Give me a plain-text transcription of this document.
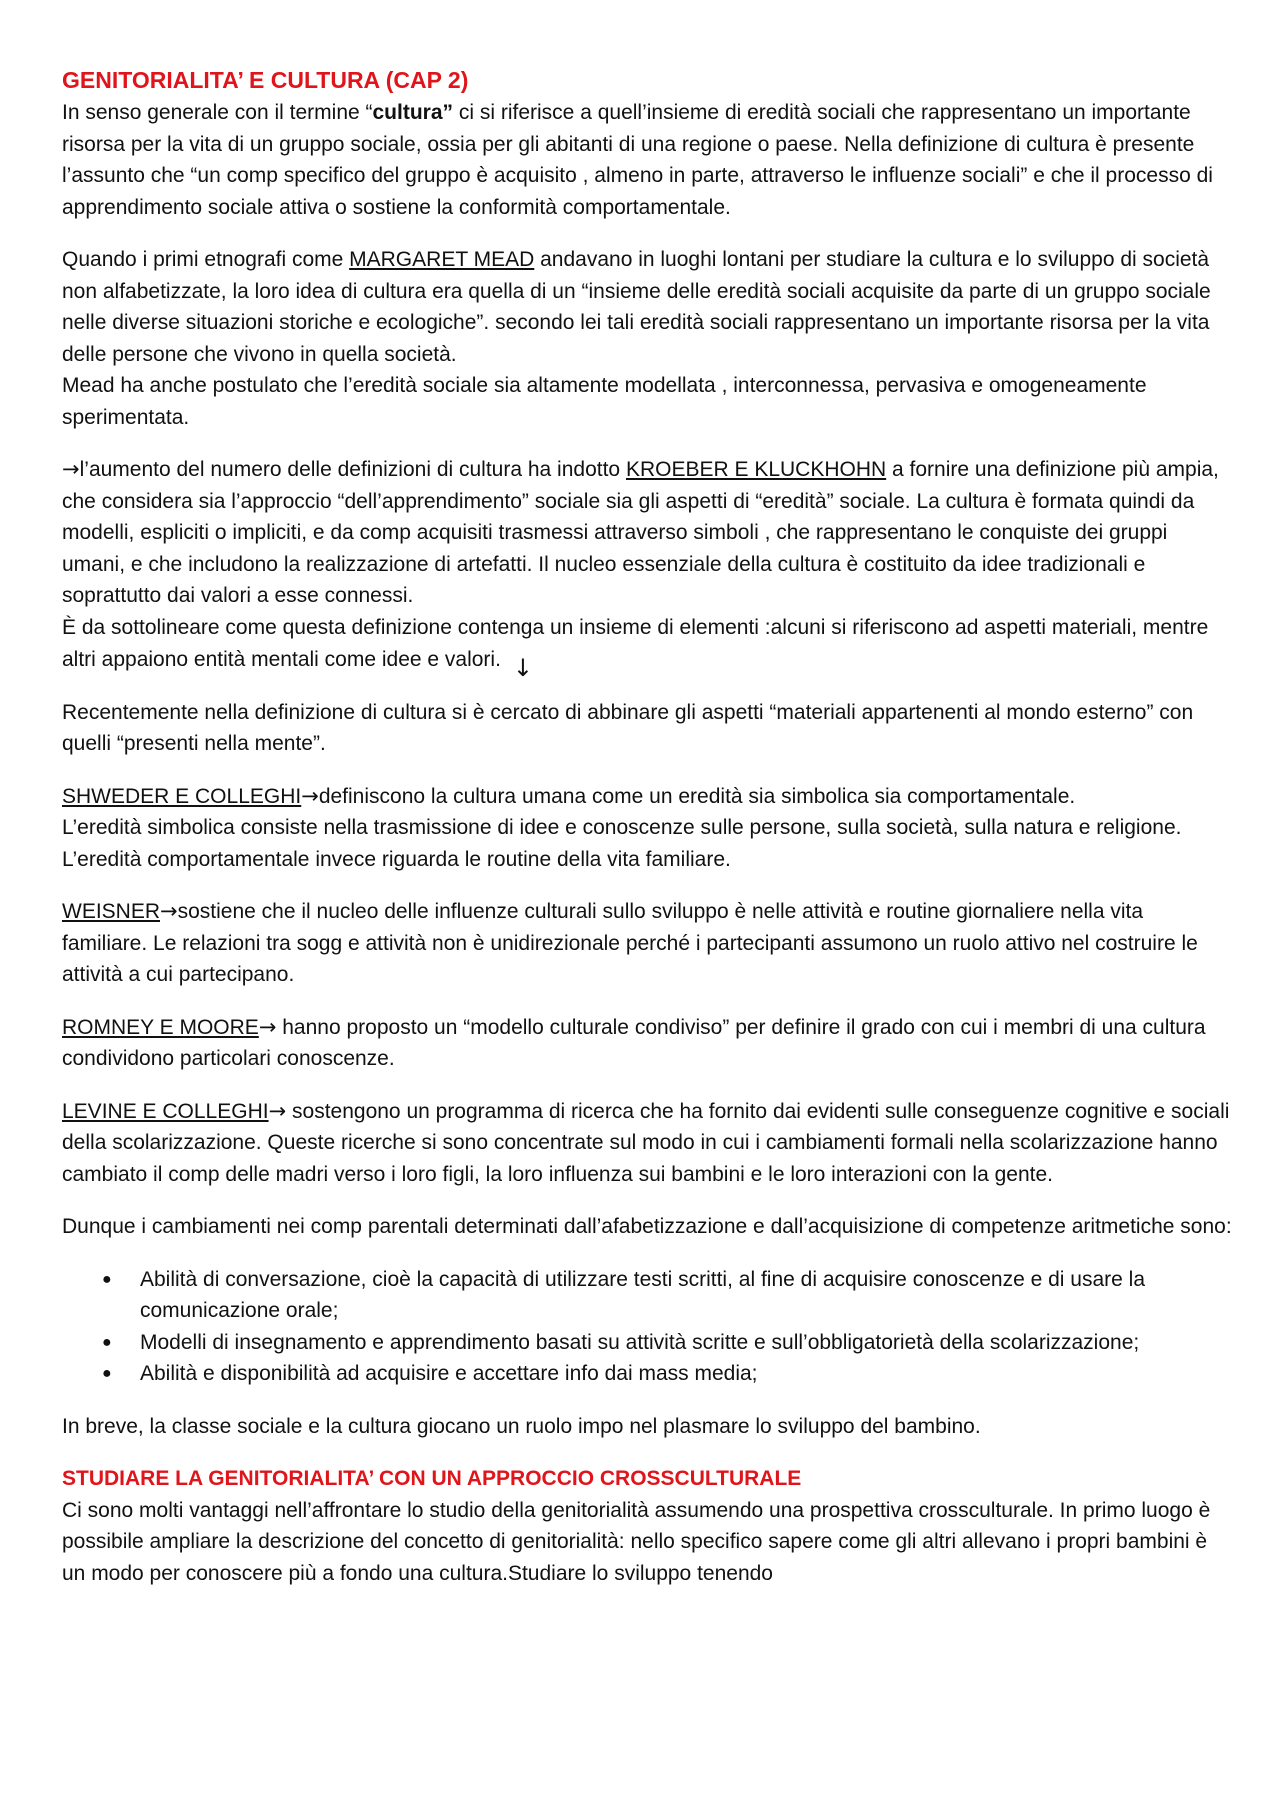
GENITORIALITA’ E CULTURA (CAP 2)

In senso generale con il termine “cultura” ci si riferisce a quell’insieme di eredità sociali che rappresentano un importante risorsa per la vita di un gruppo sociale, ossia per gli abitanti di una regione o paese. Nella definizione di cultura è presente l’assunto che “un comp specifico del gruppo è acquisito , almeno in parte, attraverso le influenze sociali” e che il processo di apprendimento sociale attiva o sostiene la conformità comportamentale.

Quando i primi etnografi come MARGARET MEAD andavano in luoghi lontani per studiare la cultura e lo sviluppo di società non alfabetizzate, la loro idea di cultura era quella di un “insieme delle eredità sociali acquisite da parte di un gruppo sociale nelle diverse situazioni storiche e ecologiche”. secondo lei tali eredità sociali rappresentano un importante risorsa per la vita delle persone che vivono in quella società.
Mead ha anche postulato che l’eredità sociale sia altamente modellata , interconnessa, pervasiva e omogeneamente sperimentata.

→l’aumento del numero delle definizioni di cultura ha indotto KROEBER E KLUCKHOHN a fornire una definizione più ampia, che considera sia l’approccio “dell’apprendimento” sociale sia gli aspetti di “eredità” sociale. La cultura è formata quindi da modelli, espliciti o impliciti, e da comp acquisiti trasmessi attraverso simboli , che rappresentano le conquiste dei gruppi umani, e che includono la realizzazione di artefatti. Il nucleo essenziale della cultura è costituito da idee tradizionali e soprattutto dai valori a esse connessi.
È da sottolineare come questa definizione contenga un insieme di elementi :alcuni si riferiscono ad aspetti materiali, mentre altri appaiono entità mentali come idee e valori. ↓

Recentemente nella definizione di cultura si è cercato di abbinare gli aspetti “materiali appartenenti al mondo esterno” con quelli “presenti nella mente”.

SHWEDER E COLLEGHI→definiscono la cultura umana come un eredità sia simbolica sia comportamentale.
L’eredità simbolica consiste nella trasmissione di idee e conoscenze sulle persone, sulla società, sulla natura e religione. L’eredità comportamentale invece riguarda le routine della vita familiare.

WEISNER→sostiene che il nucleo delle influenze culturali sullo sviluppo è nelle attività e routine giornaliere nella vita familiare. Le relazioni tra sogg e attività non è unidirezionale perché i partecipanti assumono un ruolo attivo nel costruire le attività a cui partecipano.

ROMNEY E MOORE→ hanno proposto un “modello culturale condiviso” per definire il grado con cui i membri di una cultura condividono particolari conoscenze.

LEVINE E COLLEGHI→ sostengono un programma di ricerca che ha fornito dai evidenti sulle conseguenze cognitive e sociali della scolarizzazione. Queste ricerche si sono concentrate sul modo in cui i cambiamenti formali nella scolarizzazione hanno cambiato il comp delle madri verso i loro figli, la loro influenza sui bambini e le loro interazioni con la gente.

Dunque i cambiamenti nei comp parentali determinati dall’afabetizzazione e dall’acquisizione di competenze aritmetiche sono:

● Abilità di conversazione, cioè la capacità di utilizzare testi scritti, al fine di acquisire conoscenze e di usare la comunicazione orale;
● Modelli di insegnamento e apprendimento basati su attività scritte e sull’obbligatorietà della scolarizzazione;
● Abilità e disponibilità ad acquisire e accettare info dai mass media;

In breve, la classe sociale e la cultura giocano un ruolo impo nel plasmare lo sviluppo del bambino.

STUDIARE LA GENITORIALITA’ CON UN APPROCCIO CROSSCULTURALE

Ci sono molti vantaggi nell’affrontare lo studio della genitorialità assumendo una prospettiva crossculturale. In primo luogo è possibile ampliare la descrizione del concetto di genitorialità: nello specifico sapere come gli altri allevano i propri bambini è un modo per conoscere più a fondo una cultura.Studiare lo sviluppo tenendo
